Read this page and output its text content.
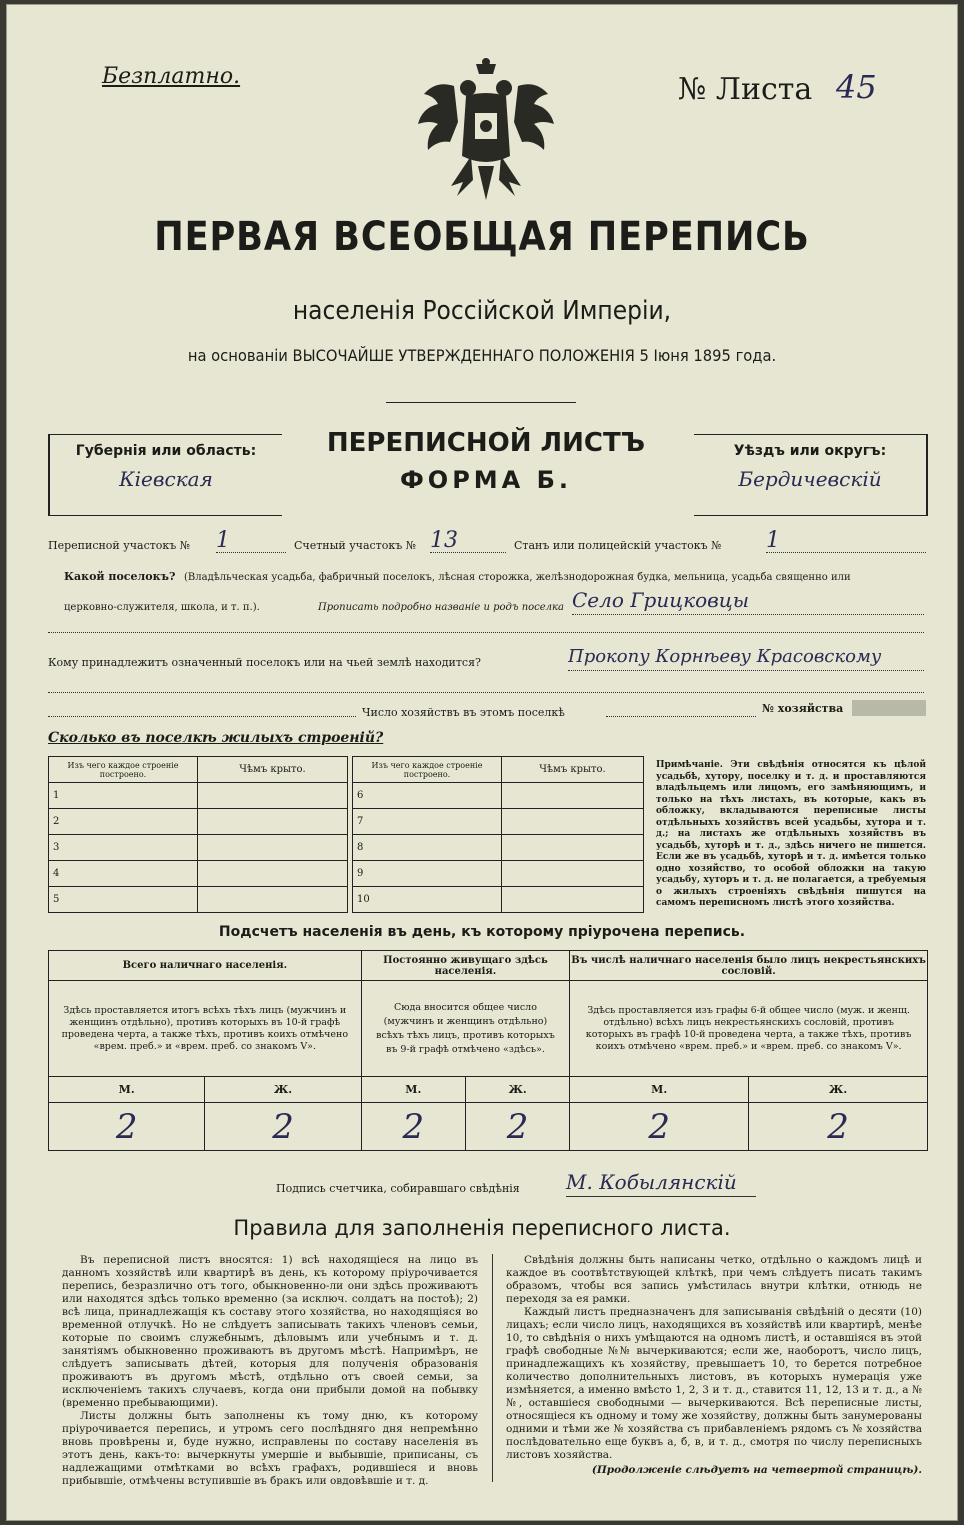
Безплатно.	№ Листа 45
ПЕРВАЯ ВСЕОБЩАЯ ПЕРЕПИСЬ
населенія Россійской Имперіи,
на основаніи ВЫСОЧАЙШЕ УТВЕРЖДЕННАГО ПОЛОЖЕНІЯ 5 Іюня 1895 года.
Губернія или область:
Кіевская
ПЕРЕПИСНОЙ ЛИСТЪ
ФОРМА Б.
Уѣздъ или округъ:
Бердичевскій
Переписной участокъ № 1	Счетный участокъ № 13	Станъ или полицейскій участокъ № 1
Какой поселокъ? (Владѣльческая усадьба, фабричный поселокъ, лѣсная сторожка, желѣзнодорожная будка, мельница, усадьба священно или
церковно-служителя, школа, и т. п.).	Прописать подробно названіе и родъ поселка Село Грицковцы
Кому принадлежитъ означенный поселокъ или на чьей землѣ находится?	Прокопу Корнѣеву Красовскому
Число хозяйствъ въ этомъ поселкѣ	№ хозяйства
Сколько въ поселкѣ жилыхъ строеній?
Изъ чего каждое строеніе построено.	Чѣмъ крыто.
1	
2	
3	
4	
5	
Изъ чего каждое строеніе построено.	Чѣмъ крыто.
6	
7	
8	
9	
10	
Примѣчаніе. Эти свѣдѣнія относятся къ цѣлой усадьбѣ, хутору, поселку и т. д. и проставляются владѣльцемъ или лицомъ, его замѣняющимъ, и только на тѣхъ листахъ, въ которые, какъ въ обложку, вкладываются переписные листы отдѣльныхъ хозяйствъ всей усадьбы, хутора и т. д.; на листахъ же отдѣльныхъ хозяйствъ въ усадьбѣ, хуторѣ и т. д., здѣсь ничего не пишется. Если же въ усадьбѣ, хуторѣ и т. д. имѣется только одно хозяйство, то особой обложки на такую усадьбу, хуторъ и т. д. не полагается, а требуемыя о жилыхъ строеніяхъ свѣдѣнія пишутся на самомъ переписномъ листѣ этого хозяйства.
Подсчетъ населенія въ день, къ которому пріурочена перепись.
Всего наличнаго населенія.		Постоянно живущаго здѣсь населенія.		Въ числѣ наличнаго населенія было лицъ некрестьянскихъ сословій.	
Здѣсь проставляется итогъ всѣхъ тѣхъ лицъ (мужчинъ и женщинъ отдѣльно), противъ которыхъ въ 10-й графѣ проведена черта, а также тѣхъ, противъ коихъ отмѣчено «врем. преб.» и «врем. преб. со знакомъ V».		Сюда вносится общее число (мужчинъ и женщинъ отдѣльно) всѣхъ тѣхъ лицъ, противъ которыхъ въ 9-й графѣ отмѣчено «здѣсь».		Здѣсь проставляется изъ графы 6-й общее число (муж. и женщ. отдѣльно) всѣхъ лицъ некрестьянскихъ сословій, противъ которыхъ въ графѣ 10-й проведена черта, а также тѣхъ, противъ коихъ отмѣчено «врем. преб.» и «врем. преб. со знакомъ V».	
М.	Ж.	М.	Ж.	М.	Ж.
2	2	2	2	2	2
Подпись счетчика, собиравшаго свѣдѣнія М. Кобылянскій
Правила для заполненія переписного листа.

Въ переписной листъ вносятся: 1) всѣ находящіеся на лицо въ данномъ хозяйствѣ или квартирѣ въ день, къ которому пріурочивается перепись, безразлично отъ того, обыкновенно-ли они здѣсь проживаютъ или находятся здѣсь только временно (за исключ. солдатъ на постоѣ); 2) всѣ лица, принадлежащія къ составу этого хозяйства, но находящіяся во временной отлучкѣ. Но не слѣдуетъ записывать такихъ членовъ семьи, которые по своимъ служебнымъ, дѣловымъ или учебнымъ и т. д. занятіямъ обыкновенно проживаютъ въ другомъ мѣстѣ. Напримѣръ, не слѣдуетъ записывать дѣтей, которыя для полученія образованія проживаютъ въ другомъ мѣстѣ, отдѣльно отъ своей семьи, за исключеніемъ такихъ случаевъ, когда они прибыли домой на побывку (временно пребывающими).

Листы должны быть заполнены къ тому дню, къ которому пріурочивается перепись, и утромъ сего послѣдняго дня непремѣнно вновь провѣрены и, буде нужно, исправлены по составу населенія въ этотъ день, какъ-то: вычеркнуты умершіе и выбывшіе, приписаны, съ надлежащими отмѣтками во всѣхъ графахъ, родившіеся и вновь прибывшіе, отмѣчены вступившіе въ бракъ или овдовѣвшіе и т. д.

Свѣдѣнія должны быть написаны четко, отдѣльно о каждомъ лицѣ и каждое въ соотвѣтствующей клѣткѣ, при чемъ слѣдуетъ писать такимъ образомъ, чтобы вся запись умѣстилась внутри клѣтки, отнюдь не переходя за ея рамки.

Каждый листъ предназначенъ для записыванія свѣдѣній о десяти (10) лицахъ; если число лицъ, находящихся въ хозяйствѣ или квартирѣ, менѣе 10, то свѣдѣнія о нихъ умѣщаются на одномъ листѣ, и оставшіяся въ этой графѣ свободные №№ вычеркиваются; если же, наоборотъ, число лицъ, принадлежащихъ къ хозяйству, превышаетъ 10, то берется потребное количество дополнительныхъ листовъ, въ которыхъ нумерація уже измѣняется, а именно вмѣсто 1, 2, 3 и т. д., ставится 11, 12, 13 и т. д., а №№, оставшіеся свободными — вычеркиваются. Всѣ переписные листы, относящіеся къ одному и тому же хозяйству, должны быть занумерованы одними и тѣми же № хозяйства съ прибавленіемъ рядомъ съ № хозяйства послѣдовательно еще буквъ а, б, в, и т. д., смотря по числу переписныхъ листовъ хозяйства.

(Продолженіе слѣдуетъ на четвертой страницѣ).
